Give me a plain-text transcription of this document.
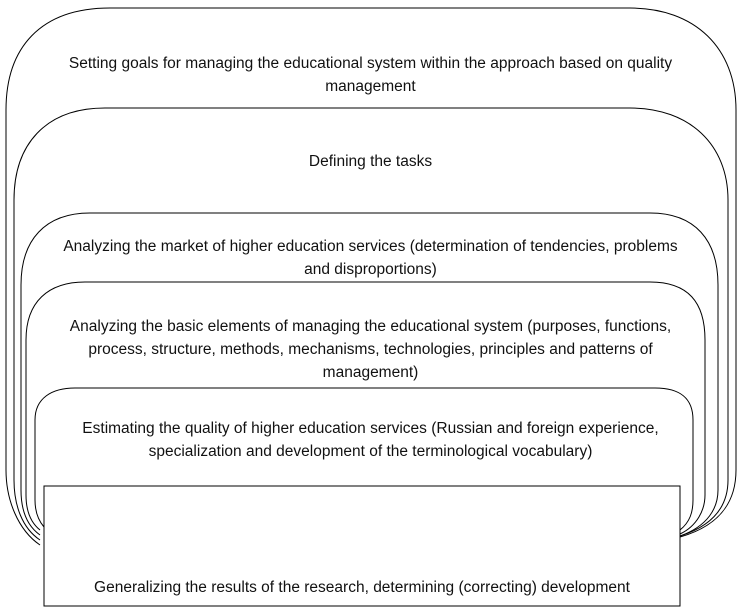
Setting goals for managing the educational system within the approach based on quality management
Defining the tasks
Analyzing the market of higher education services (determination of tendencies, problems and disproportions)
Analyzing the basic elements of managing the educational system (purposes, functions, process, structure, methods, mechanisms, technologies, principles and patterns of management)
Estimating the quality of higher education services (Russian and foreign experience, specialization and development of the terminological vocabulary)
Generalizing the results of the research, determining (correcting) development
